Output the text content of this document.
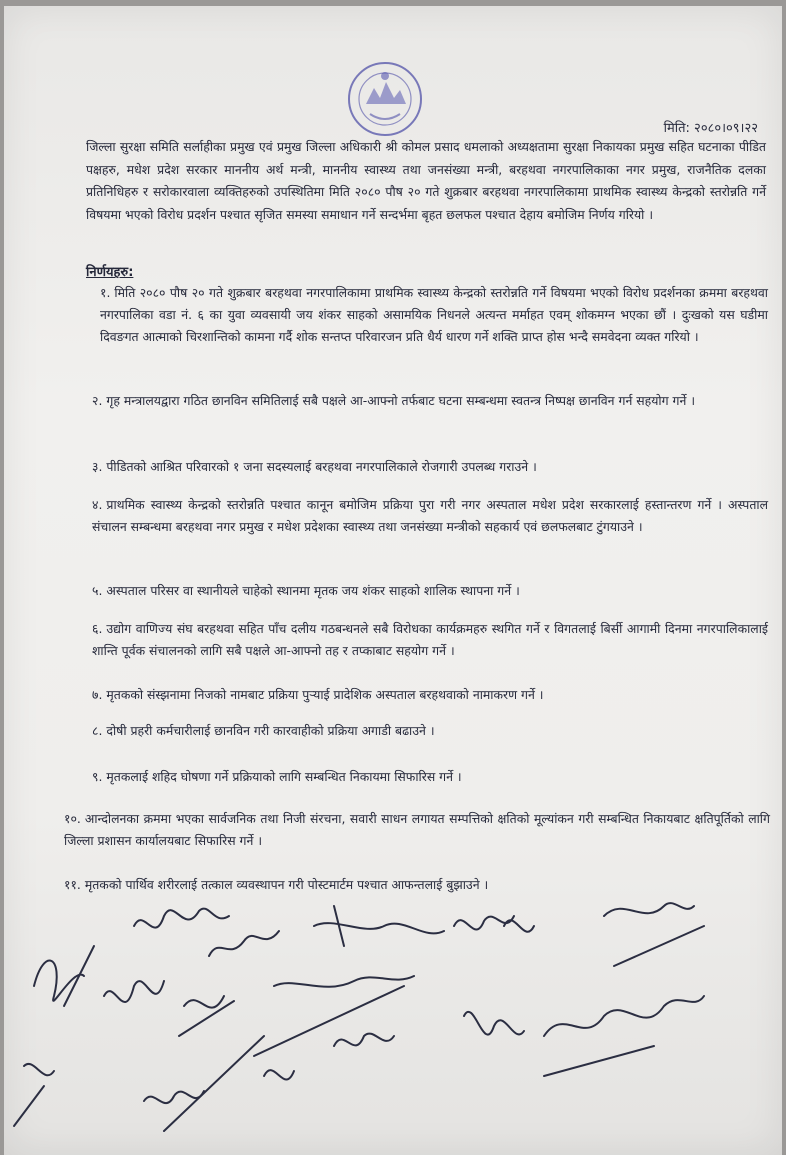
मिति: २०८०।०९।२२
जिल्ला सुरक्षा समिति सर्लाहीका प्रमुख एवं प्रमुख जिल्ला अधिकारी श्री कोमल प्रसाद धमलाको अध्यक्षतामा सुरक्षा निकायका प्रमुख सहित घटनाका पीडित पक्षहरु, मधेश प्रदेश सरकार माननीय अर्थ मन्त्री, माननीय स्वास्थ्य तथा जनसंख्या मन्त्री, बरहथवा नगरपालिकाका नगर प्रमुख, राजनैतिक दलका प्रतिनिधिहरु र सरोकारवाला व्यक्तिहरुको उपस्थितिमा मिति २०८० पौष २० गते शुक्रबार बरहथवा नगरपालिकामा प्राथमिक स्वास्थ्य केन्द्रको स्तरोन्नति गर्ने विषयमा भएको विरोध प्रदर्शन पश्चात सृजित समस्या समाधान गर्ने सन्दर्भमा बृहत छलफल पश्चात देहाय बमोजिम निर्णय गरियो ।
निर्णयहरु:
१. मिति २०८० पौष २० गते शुक्रबार बरहथवा नगरपालिकामा प्राथमिक स्वास्थ्य केन्द्रको स्तरोन्नति गर्ने विषयमा भएको विरोध प्रदर्शनका क्रममा बरहथवा नगरपालिका वडा नं. ६ का युवा व्यवसायी जय शंकर साहको असामयिक निधनले अत्यन्त मर्माहत एवम् शोकमग्न भएका छौं । दुःखको यस घडीमा दिवङगत आत्माको चिरशान्तिको कामना गर्दै शोक सन्तप्त परिवारजन प्रति धैर्य धारण गर्ने शक्ति प्राप्त होस भन्दै समवेदना व्यक्त गरियो ।
२. गृह मन्त्रालयद्वारा गठित छानविन समितिलाई सबै पक्षले आ-आफ्नो तर्फबाट घटना सम्बन्धमा स्वतन्त्र निष्पक्ष छानविन गर्न सहयोग गर्ने ।
३. पीडितको आश्रित परिवारको १ जना सदस्यलाई बरहथवा नगरपालिकाले रोजगारी उपलब्ध गराउने ।
४. प्राथमिक स्वास्थ्य केन्द्रको स्तरोन्नति पश्चात कानून बमोजिम प्रक्रिया पुरा गरी नगर अस्पताल मधेश प्रदेश सरकारलाई हस्तान्तरण गर्ने । अस्पताल संचालन सम्बन्धमा बरहथवा नगर प्रमुख र मधेश प्रदेशका स्वास्थ्य तथा जनसंख्या मन्त्रीको सहकार्य एवं छलफलबाट टुंगयाउने ।
५. अस्पताल परिसर वा स्थानीयले चाहेको स्थानमा मृतक जय शंकर साहको शालिक स्थापना गर्ने ।
६. उद्योग वाणिज्य संघ बरहथवा सहित पाँच दलीय गठबन्धनले सबै विरोधका कार्यक्रमहरु स्थगित गर्ने र विगतलाई बिर्सी आगामी दिनमा नगरपालिकालाई शान्ति पूर्वक संचालनको लागि सबै पक्षले आ-आफ्नो तह र तप्काबाट सहयोग गर्ने ।
७. मृतकको संस्झनामा निजको नामबाट प्रक्रिया पुऱ्याई प्रादेशिक अस्पताल बरहथवाको नामाकरण गर्ने ।
८. दोषी प्रहरी कर्मचारीलाई छानविन गरी कारवाहीको प्रक्रिया अगाडी बढाउने ।
९. मृतकलाई शहिद घोषणा गर्ने प्रक्रियाको लागि सम्बन्धित निकायमा सिफारिस गर्ने ।
१०. आन्दोलनका क्रममा भएका सार्वजनिक तथा निजी संरचना, सवारी साधन लगायत सम्पत्तिको क्षतिको मूल्यांकन गरी सम्बन्धित निकायबाट क्षतिपूर्तिको लागि जिल्ला प्रशासन कार्यालयबाट सिफारिस गर्ने ।
११. मृतकको पार्थिव शरीरलाई तत्काल व्यवस्थापन गरी पोस्टमार्टम पश्चात आफन्तलाई बुझाउने ।
